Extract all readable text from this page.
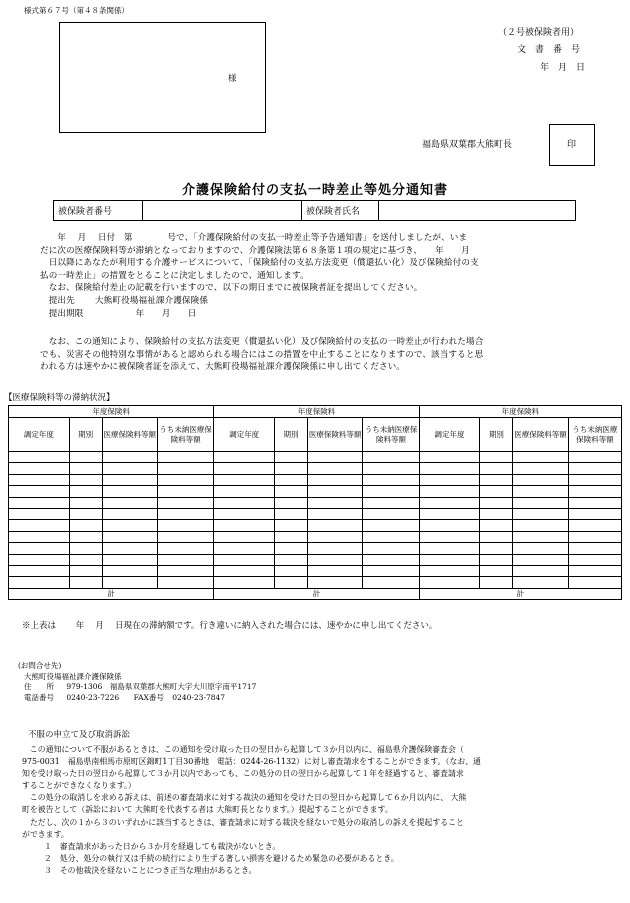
様式第６７号（第４８条関係）
様
（２号被保険者用）
文　書　番　号
年　月　日
福島県双葉郡大熊町長	印
介護保険給付の支払一時差止等処分通知書
被保険者番号		被保険者氏名	
　　年　 月　 日付　第　　　　号で、「介護保険給付の支払一時差止等予告通知書」を送付しましたが、いま
だに次の医療保険料等が滞納となっておりますので、介護保険法第６８条第１項の規定に基づき、　　年　　月
　日以降にあなたが利用する介護サービスについて、「保険給付の支払方法変更（償還払い化）及び保険給付の支
払の一時差止」の措置をとることに決定しましたので、通知します。
　なお、保険給付差止の記載を行いますので、以下の期日までに被保険者証を提出してください。
　提出先　　 大熊町役場福祉課介護保険係
　提出期限　　　　　　年　　月　　日
　なお、この通知により、保険給付の支払方法変更（償還払い化）及び保険給付の支払の一時差止が行われた場合
でも、災害その他特別な事情があると認められる場合にはこの措置を中止することになりますので、該当すると思
われる方は速やかに被保険者証を添えて、大熊町役場福祉課介護保険係に申し出てください。
【医療保険料等の滞納状況】
年度保険料				年度保険料				年度保険料			
調定年度	期別	医療保険料等額	うち未納医療保険料等額	調定年度	期別	医療保険料等額	うち未納医療保険料等額	調定年度	期別	医療保険料等額	うち未納医療保険料等額

計				計				計			
※上表は　　 年　 月　 日現在の滞納額です。行き違いに納入された場合には、速やかに申し出てください。
(お問合せ先)
大熊町役場福祉課介護保険係
住　　所 979-1306　福島県双葉郡大熊町大字大川原字南平1717
電話番号 0240-23-7226 FAX番号 0240-23-7847
不服の申立て及び取消訴訟
　この通知について不服があるときは、この通知を受け取った日の翌日から起算して３か月以内に、福島県介護保険審査会（
975-0031　福島県南相馬市原町区錦町1丁目30番地　電話：0244-26-1132）に対し審査請求をすることができます。（なお、通
知を受け取った日の翌日から起算して３か月以内であっても、この処分の日の翌日から起算して１年を経過すると、審査請求
することができなくなります。）
　この処分の取消しを求める訴えは、前述の審査請求に対する裁決の通知を受けた日の翌日から起算して６か月以内に、 大熊
町を被告として（訴訟において 大熊町を代表する者は 大熊町長となります。）提起することができます。
　ただし、次の１から３のいずれかに該当するときは、審査請求に対する裁決を経ないで処分の取消しの訴えを提起すること
ができます。
１　審査請求があった日から３か月を経過しても裁決がないとき。
２　処分、処分の執行又は手続の続行により生ずる著しい損害を避けるため緊急の必要があるとき。
３　その他裁決を経ないことにつき正当な理由があるとき。
